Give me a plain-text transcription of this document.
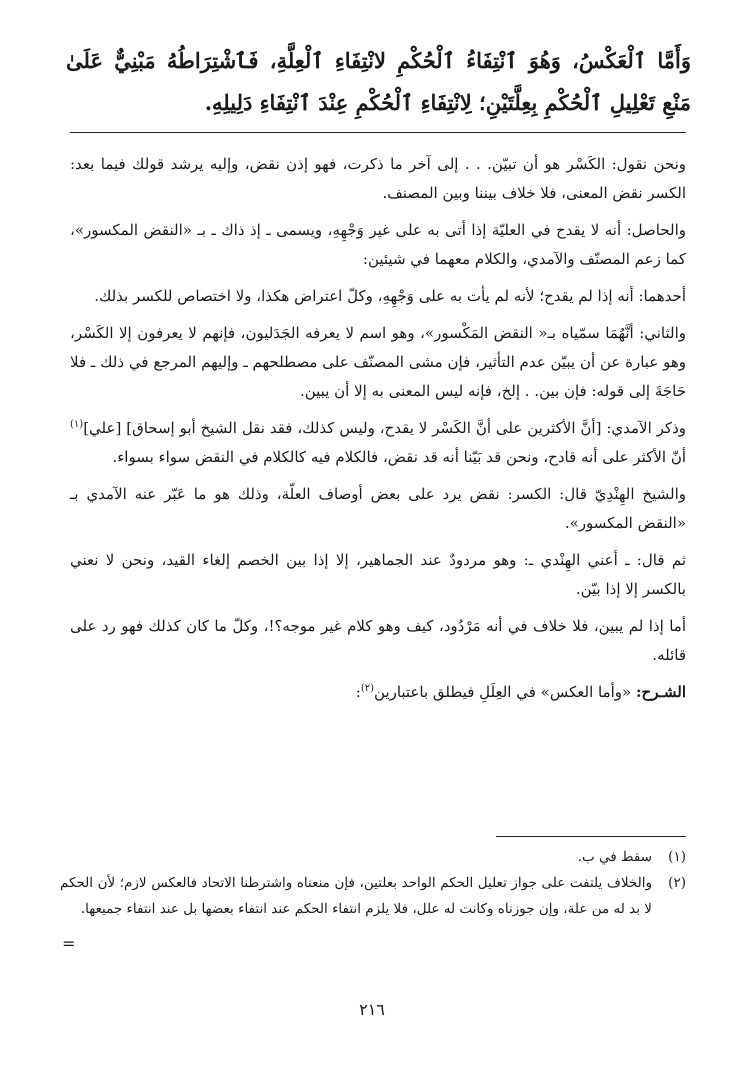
وَأَمَّا ٱلْعَكْسُ، وَهُوَ ٱنْتِفَاءُ ٱلْحُكْمِ لانْتِفَاءِ ٱلْعِلَّةِ، فَٱشْتِرَاطُهُ مَبْنِيٌّ عَلَىٰ مَنْعِ تَعْلِيلِ ٱلْحُكْمِ بِعِلَّتَيْنِ؛ لِانْتِفَاءِ ٱلْحُكْمِ عِنْدَ ٱنْتِفَاءِ دَلِيلِهِ.

ونحن نقول: الكَسْر هو أن تبيّن. . . إلى آخر ما ذكرت، فهو إذن نقض، وإليه يرشد قولك فيما بعد: الكسر نقض المعنى، فلا خلاف بيننا وبين المصنف.

والحاصل: أنه لا يقدح في العليّة إذا أتى به على غير وَجْهِهِ، ويسمى ـ إذ ذاك ـ بـ «النقض المكسور»، كما زعم المصنّف والآمدي، والكلام معهما في شيئين:

أحدهما: أنه إذا لم يقدح؛ لأنه لم يأت به على وَجْهِهِ، وكلّ اعتراض هكذا، ولا اختصاص للكسر بذلك.

والثاني: أنَّهُمَا سمّياه بـ« النقض المَكْسور»، وهو اسم لا يعرفه الجَدَليون، فإنهم لا يعرفون إلا الكَسْر، وهو عبارة عن أن يبيّن عدم التأثير، فإن مشى المصنّف على مصطلحهم ـ وإليهم المرجع في ذلك ـ فلا حَاجَةَ إلى قوله: فإن بين. . إلخ، فإنه ليس المعنى به إلا أن يبين.

وذكر الآمدي: [أنَّ الأكثرين على أنَّ الكَسْر لا يقدح، وليس كذلك، فقد نقل الشيخ أبو إسحاق] [علي]$^{(١)}$ أنّ الأكثر على أنه قادح، ونحن قد بَيّنا أنه قد نقض، فالكلام فيه كالكلام في النقض سواء بسواء.

والشيخ الهِنْدِيّ قال: الكسر: نقض يرد على بعض أوصاف العلّة، وذلك هو ما عَبّر عنه الآمدي بـ «النقض المكسور».

ثم قال: ـ أعني الهِنْدي ـ: وهو مردودٌ عند الجماهير، إلا إذا بين الخصم إلغاء القيد، ونحن لا نعني بالكسر إلا إذا بيّن.

أما إذا لم يبين، فلا خلاف في أنه مَرْدُود، كيف وهو كلام غير موجه؟!، وكلّ ما كان كذلك فهو رد على قائله.

الشـرح: «وأما العكس» في العِلَلِ فيطلق باعتبارين$^{(٢)}$:

(١)
سقط في ب.
(٢)
والخلاف يلتفت على جواز تعليل الحكم الواحد بعلتين، فإن منعناه واشترطنا الاتحاد فالعكس لازم؛ لأن الحكم لا بد له من علة، وإن جوزناه وكانت له علل، فلا يلزم انتفاء الحكم عند انتفاء بعضها بل عند انتفاء جميعها.
=
٢١٦
